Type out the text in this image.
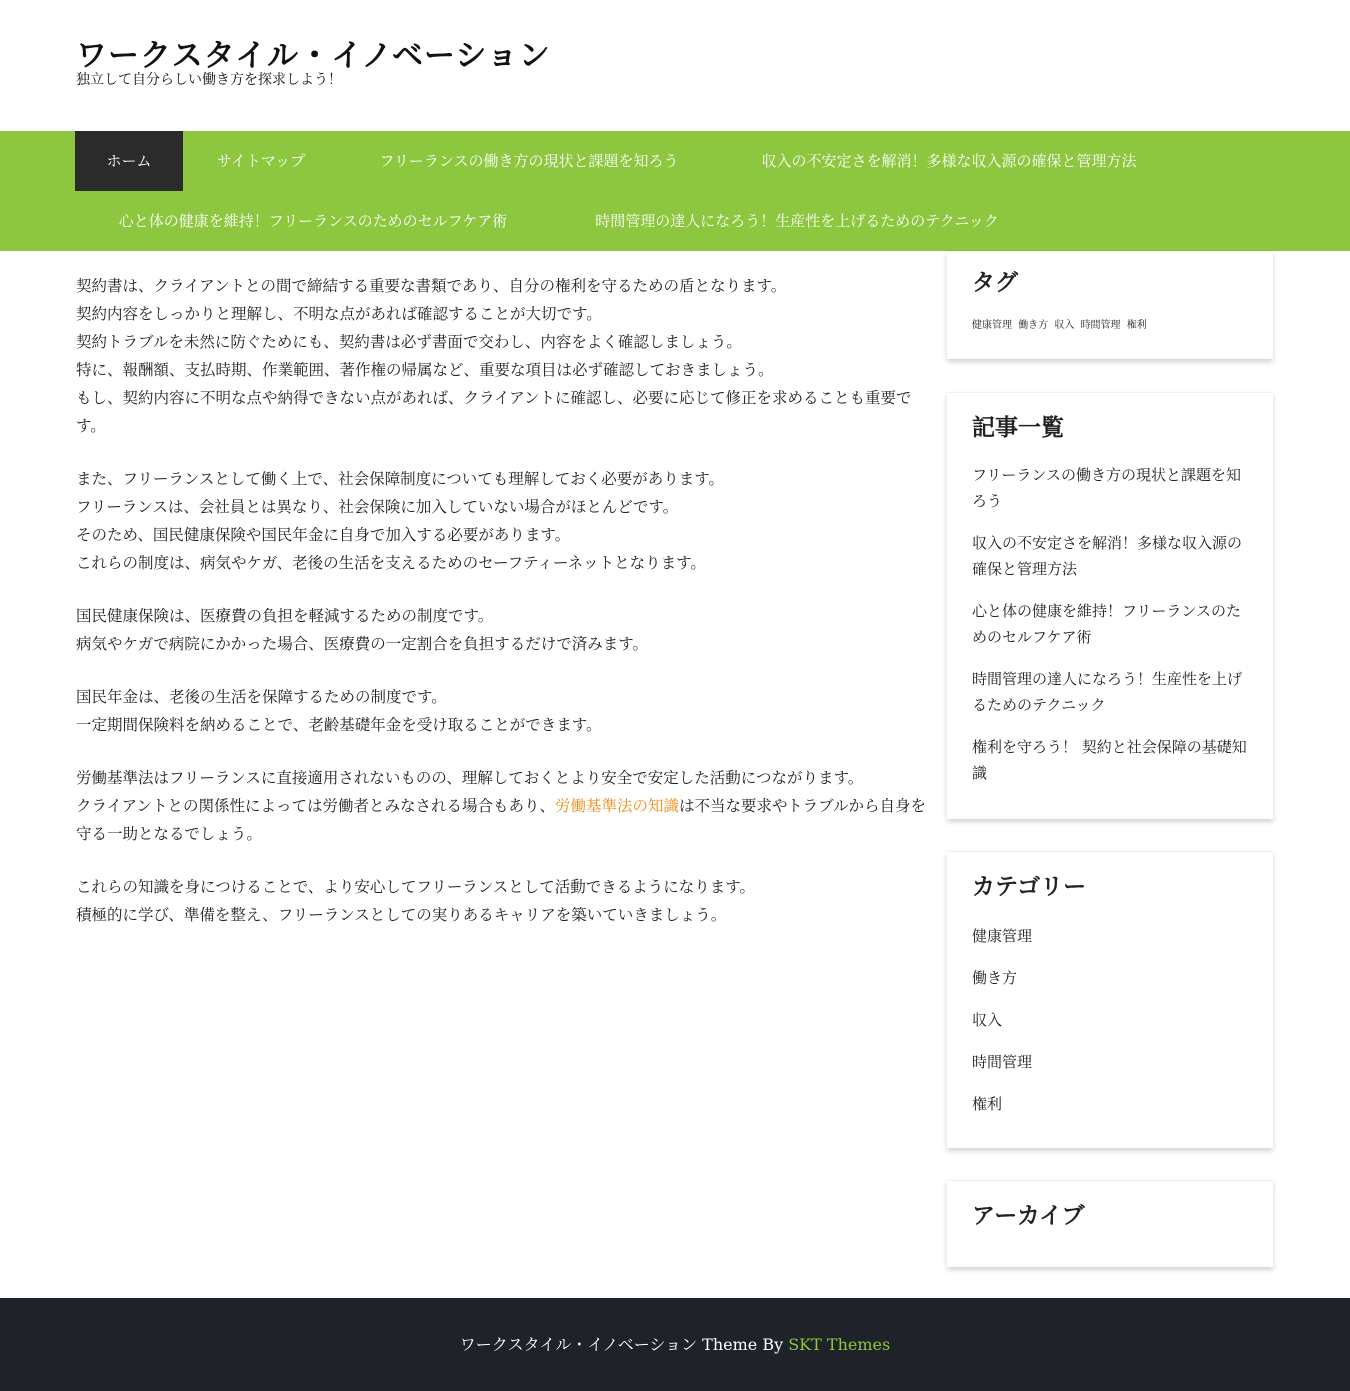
ワークスタイル・イノベーション
独立して自分らしい働き方を探求しよう！
ホーム	サイトマップ	フリーランスの働き方の現状と課題を知ろう	収入の不安定さを解消！多様な収入源の確保と管理方法
心と体の健康を維持！フリーランスのためのセルフケア術	時間管理の達人になろう！生産性を上げるためのテクニック

契約書は、クライアントとの間で締結する重要な書類であり、自分の権利を守るための盾となります。
契約内容をしっかりと理解し、不明な点があれば確認することが大切です。
契約トラブルを未然に防ぐためにも、契約書は必ず書面で交わし、内容をよく確認しましょう。
特に、報酬額、支払時期、作業範囲、著作権の帰属など、重要な項目は必ず確認しておきましょう。
もし、契約内容に不明な点や納得できない点があれば、クライアントに確認し、必要に応じて修正を求めることも重要です。

また、フリーランスとして働く上で、社会保障制度についても理解しておく必要があります。
フリーランスは、会社員とは異なり、社会保険に加入していない場合がほとんどです。
そのため、国民健康保険や国民年金に自身で加入する必要があります。
これらの制度は、病気やケガ、老後の生活を支えるためのセーフティーネットとなります。

国民健康保険は、医療費の負担を軽減するための制度です。
病気やケガで病院にかかった場合、医療費の一定割合を負担するだけで済みます。

国民年金は、老後の生活を保障するための制度です。
一定期間保険料を納めることで、老齢基礎年金を受け取ることができます。

労働基準法はフリーランスに直接適用されないものの、理解しておくとより安全で安定した活動につながります。
クライアントとの関係性によっては労働者とみなされる場合もあり、労働基準法の知識は不当な要求やトラブルから自身を守る一助となるでしょう。

これらの知識を身につけることで、より安心してフリーランスとして活動できるようになります。
積極的に学び、準備を整え、フリーランスとしての実りあるキャリアを築いていきましょう。

タグ
健康管理 働き方 収入 時間管理 権利
記事一覧
フリーランスの働き方の現状と課題を知ろう
収入の不安定さを解消！多様な収入源の確保と管理方法
心と体の健康を維持！フリーランスのためのセルフケア術
時間管理の達人になろう！生産性を上げるためのテクニック
権利を守ろう！ 契約と社会保障の基礎知識
カテゴリー
健康管理
働き方
収入
時間管理
権利
アーカイブ
ワークスタイル・イノベーション Theme By SKT Themes
